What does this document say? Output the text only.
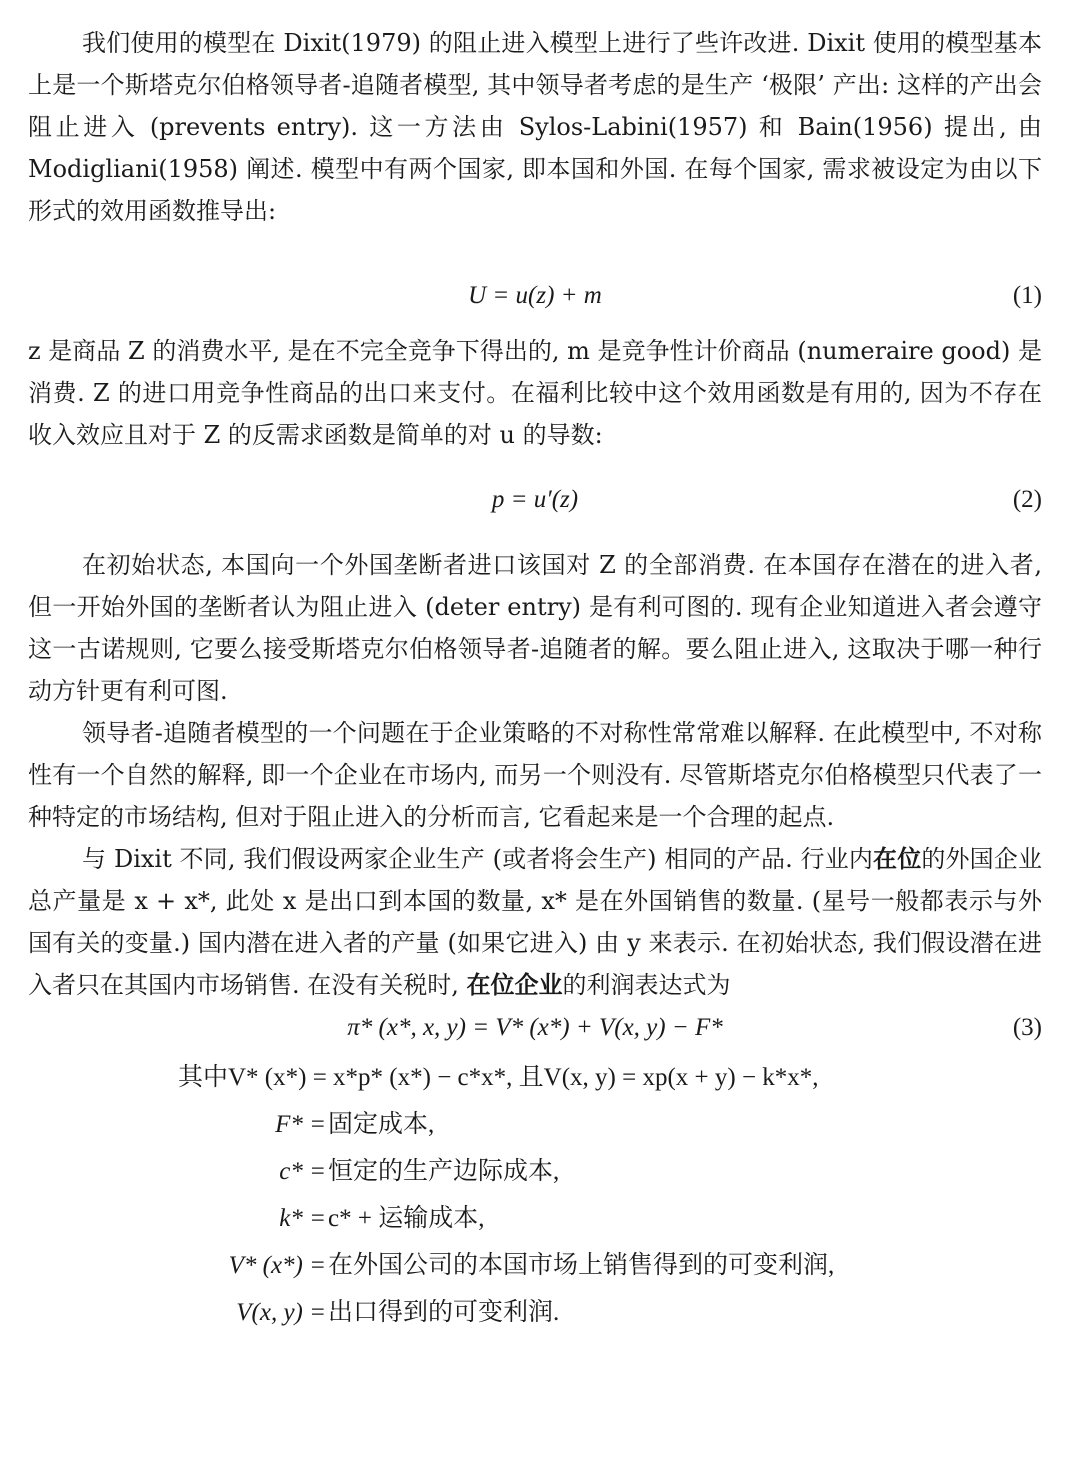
我们使用的模型在 Dixit(1979) 的阻止进入模型上进行了些许改进. Dixit 使用的模型基本上是一个斯塔克尔伯格领导者-追随者模型, 其中领导者考虑的是生产 ‘极限’ 产出: 这样的产出会阻止进入 (prevents entry). 这一方法由 Sylos-Labini(1957) 和 Bain(1956) 提出, 由 Modigliani(1958) 阐述. 模型中有两个国家, 即本国和外国. 在每个国家, 需求被设定为由以下形式的效用函数推导出:

U = u(z) + m	(1)

z 是商品 Z 的消费水平, 是在不完全竞争下得出的, m 是竞争性计价商品 (numeraire good) 是消费. Z 的进口用竞争性商品的出口来支付。在福利比较中这个效用函数是有用的, 因为不存在收入效应且对于 Z 的反需求函数是简单的对 u 的导数:

p = u′(z)	(2)

在初始状态, 本国向一个外国垄断者进口该国对 Z 的全部消费. 在本国存在潜在的进入者, 但一开始外国的垄断者认为阻止进入 (deter entry) 是有利可图的. 现有企业知道进入者会遵守这一古诺规则, 它要么接受斯塔克尔伯格领导者-追随者的解。要么阻止进入, 这取决于哪一种行动方针更有利可图.

领导者-追随者模型的一个问题在于企业策略的不对称性常常难以解释. 在此模型中, 不对称性有一个自然的解释, 即一个企业在市场内, 而另一个则没有. 尽管斯塔克尔伯格模型只代表了一种特定的市场结构, 但对于阻止进入的分析而言, 它看起来是一个合理的起点.

与 Dixit 不同, 我们假设两家企业生产 (或者将会生产) 相同的产品. 行业内在位的外国企业总产量是 x + x*, 此处 x 是出口到本国的数量, x* 是在外国销售的数量. (星号一般都表示与外国有关的变量.) 国内潜在进入者的产量 (如果它进入) 由 y 来表示. 在初始状态, 我们假设潜在进入者只在其国内市场销售. 在没有关税时, 在位企业的利润表达式为

π* (x*, x, y) = V* (x*) + V(x, y) − F*	(3)
其中V* (x*) = x*p* (x*) − c*x*, 且V(x, y) = xp(x + y) − k*x*,
F* = 固定成本,
c* = 恒定的生产边际成本,
k* = c* + 运输成本,
V* (x*) = 在外国公司的本国市场上销售得到的可变利润,
V(x, y) = 出口得到的可变利润.
